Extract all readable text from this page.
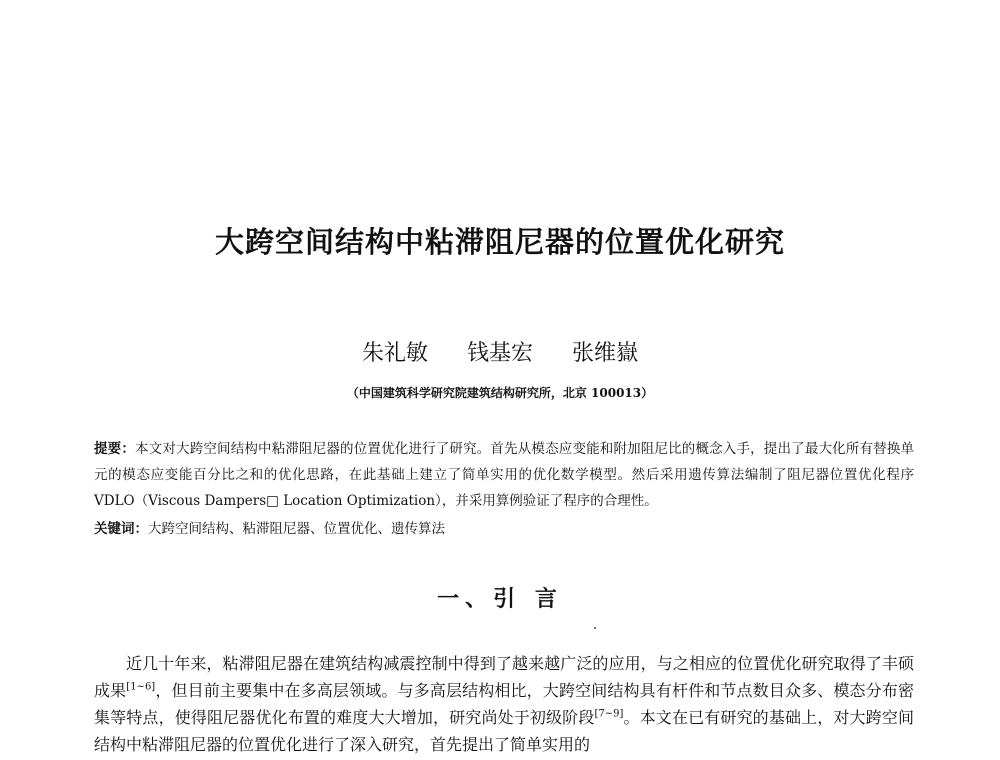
大跨空间结构中粘滞阻尼器的位置优化研究
朱礼敏 钱基宏 张维嶽
（中国建筑科学研究院建筑结构研究所，北京 100013）
提要：本文对大跨空间结构中粘滞阻尼器的位置优化进行了研究。首先从模态应变能和附加阻尼比的概念入手，提出了最大化所有替换单元的模态应变能百分比之和的优化思路，在此基础上建立了简单实用的优化数学模型。然后采用遗传算法编制了阻尼器位置优化程序 VDLO（Viscous Dampers□ Location Optimization），并采用算例验证了程序的合理性。
关键词：大跨空间结构、粘滞阻尼器、位置优化、遗传算法
一、引 言
近几十年来，粘滞阻尼器在建筑结构减震控制中得到了越来越广泛的应用，与之相应的位置优化研究取得了丰硕成果[1~6]，但目前主要集中在多高层领域。与多高层结构相比，大跨空间结构具有杆件和节点数目众多、模态分布密集等特点，使得阻尼器优化布置的难度大大增加，研究尚处于初级阶段[7~9]。本文在已有研究的基础上，对大跨空间结构中粘滞阻尼器的位置优化进行了深入研究，首先提出了简单实用的
